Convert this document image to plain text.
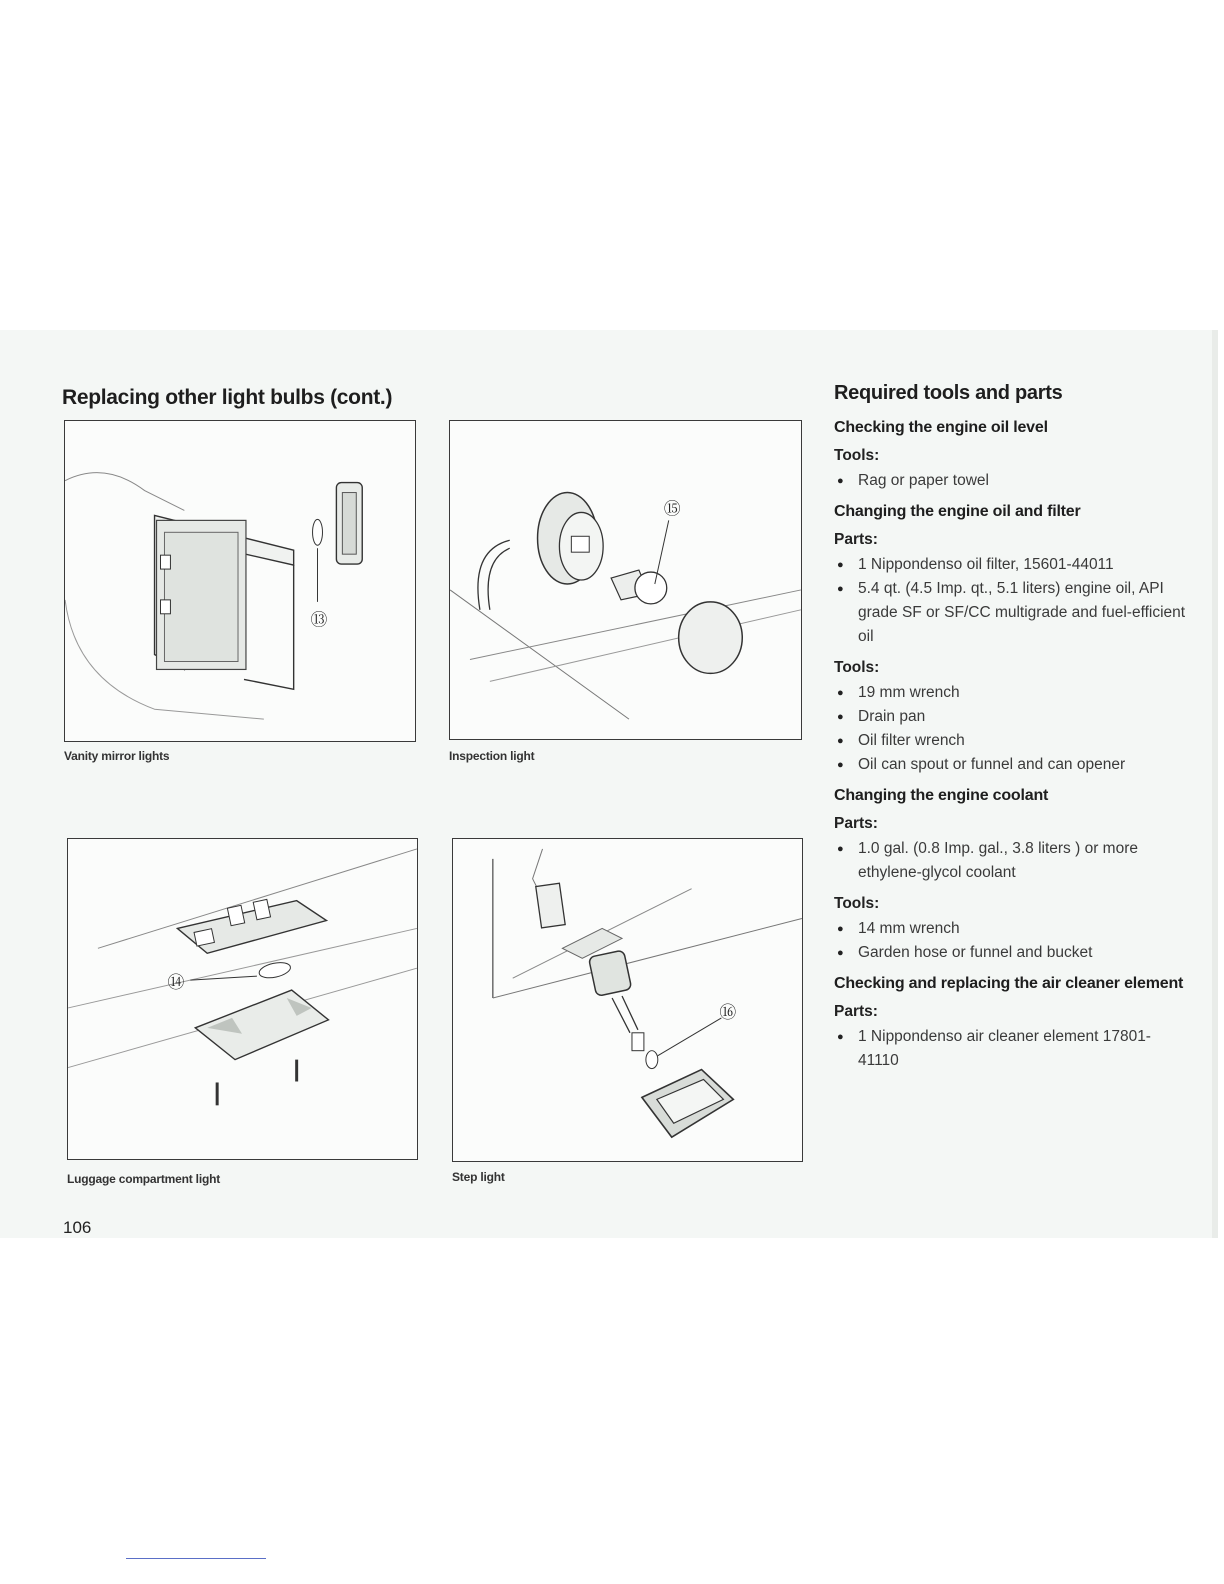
Replacing other light bulbs (cont.)
⑬
Vanity mirror lights
⑮
Inspection light
⑭
Luggage compartment light
⑯
Step light
106
Required tools and parts
Checking the engine oil level
Tools:
● Rag or paper towel
Changing the engine oil and filter
Parts:
● 1 Nippondenso oil filter, 15601-44011
● 5.4 qt. (4.5 Imp. qt., 5.1 liters) engine oil, API grade SF or SF/CC multigrade and fuel-efficient oil
Tools:
● 19 mm wrench
● Drain pan
● Oil filter wrench
● Oil can spout or funnel and can opener
Changing the engine coolant
Parts:
● 1.0 gal. (0.8 Imp. gal., 3.8 liters ) or more ethylene-glycol coolant
Tools:
● 14 mm wrench
● Garden hose or funnel and bucket
Checking and replacing the air cleaner element
Parts:
● 1 Nippondenso air cleaner element 17801-41110
